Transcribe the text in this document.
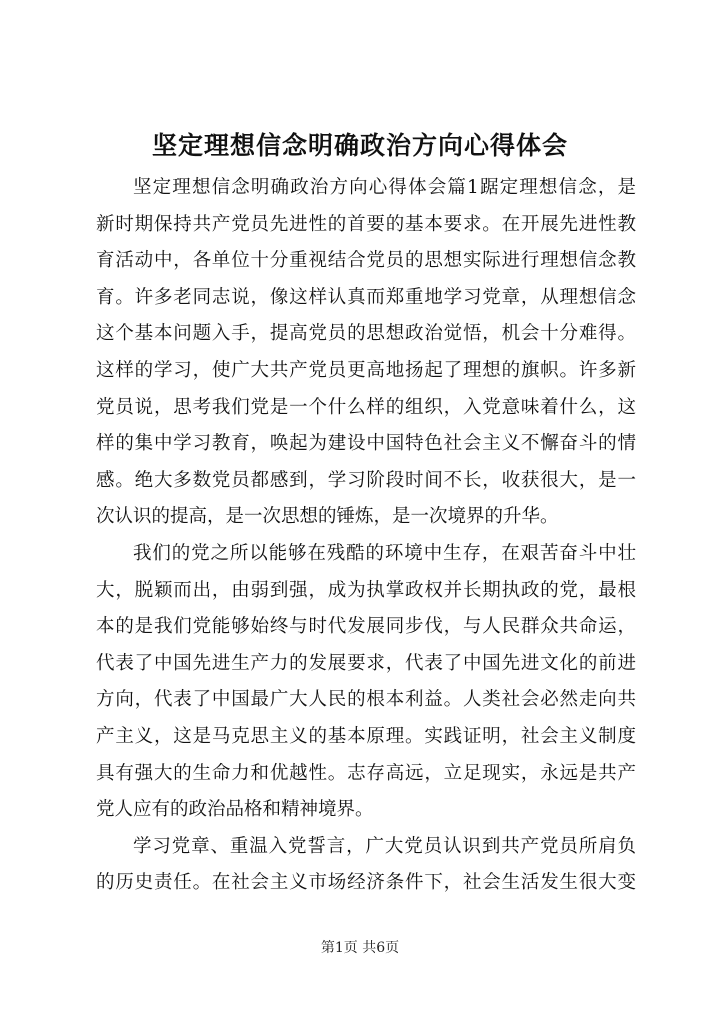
坚定理想信念明确政治方向心得体会

坚定理想信念明确政治方向心得体会篇1踞定理想信念，是
新时期保持共产党员先进性的首要的基本要求。在开展先进性教
育活动中，各单位十分重视结合党员的思想实际进行理想信念教
育。许多老同志说，像这样认真而郑重地学习党章，从理想信念
这个基本问题入手，提高党员的思想政治觉悟，机会十分难得。
这样的学习，使广大共产党员更高地扬起了理想的旗帜。许多新
党员说，思考我们党是一个什么样的组织，入党意味着什么，这
样的集中学习教育，唤起为建设中国特色社会主义不懈奋斗的情
感。绝大多数党员都感到，学习阶段时间不长，收获很大，是一
次认识的提高，是一次思想的锤炼，是一次境界的升华。

我们的党之所以能够在残酷的环境中生存，在艰苦奋斗中壮
大，脱颖而出，由弱到强，成为执掌政权并长期执政的党，最根
本的是我们党能够始终与时代发展同步伐，与人民群众共命运，
代表了中国先进生产力的发展要求，代表了中国先进文化的前进
方向，代表了中国最广大人民的根本利益。人类社会必然走向共
产主义，这是马克思主义的基本原理。实践证明，社会主义制度
具有强大的生命力和优越性。志存高远，立足现实，永远是共产
党人应有的政治品格和精神境界。

学习党章、重温入党誓言，广大党员认识到共产党员所肩负
的历史责任。在社会主义市场经济条件下，社会生活发生很大变

第1页 共6页
